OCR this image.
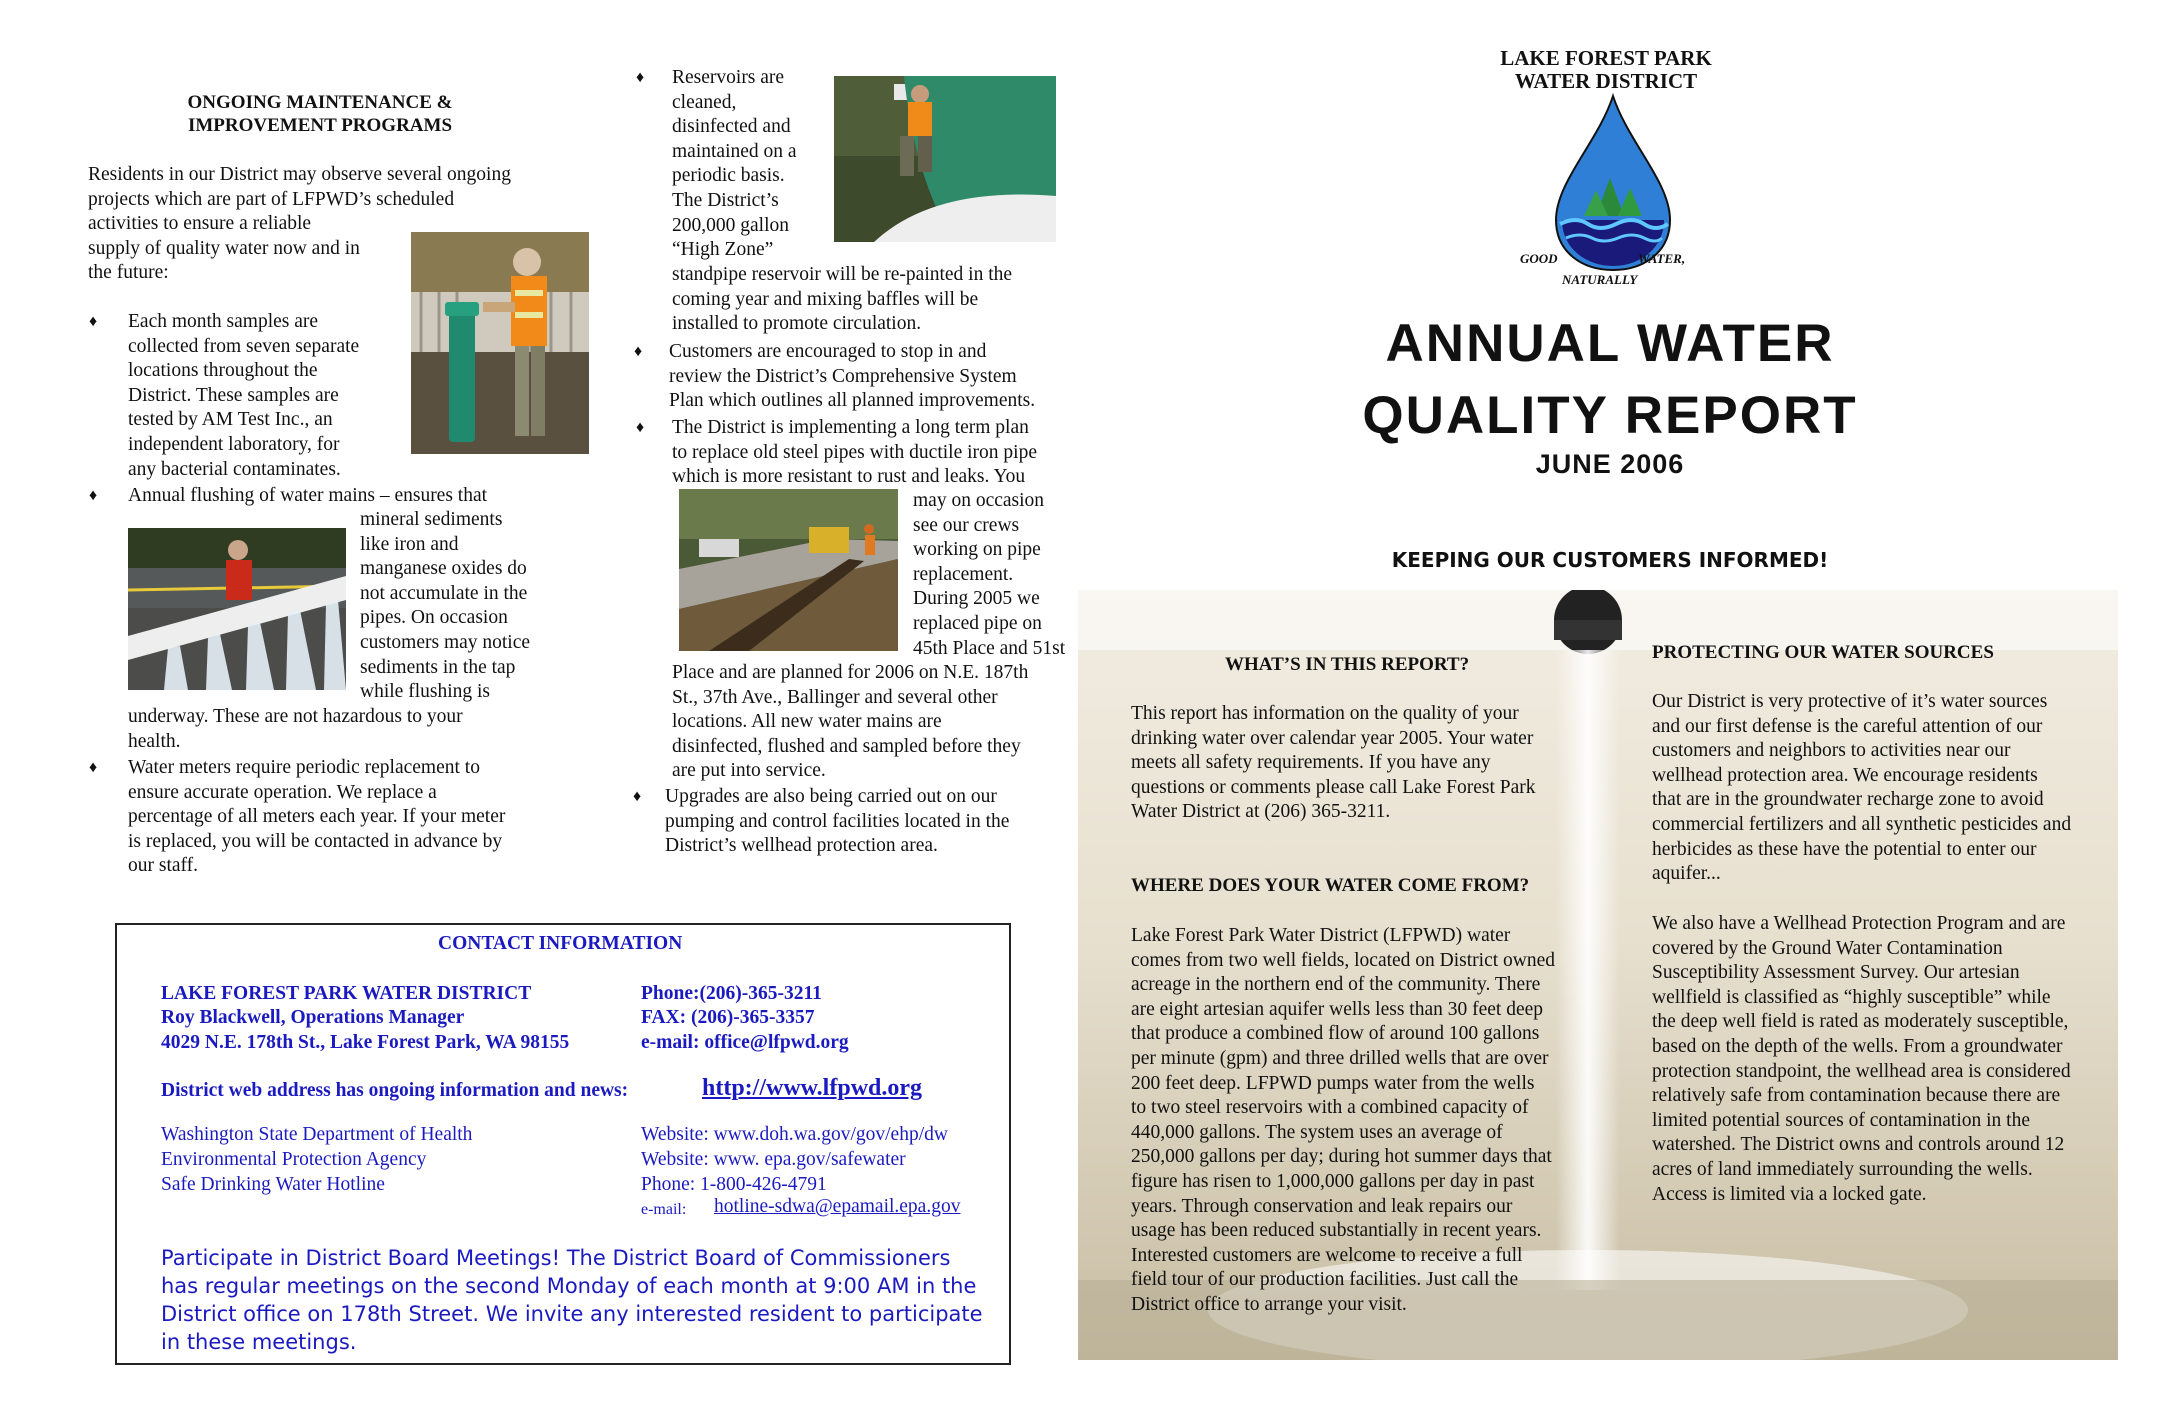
ONGOING MAINTENANCE &
IMPROVEMENT PROGRAMS
Residents in our District may observe several ongoing
projects which are part of LFPWD’s scheduled
activities to ensure a reliable
supply of quality water now and in
the future:
♦ Each month samples are
collected from seven separate
locations throughout the
District. These samples are
tested by AM Test Inc., an
independent laboratory, for
any bacterial contaminates.
♦ Annual flushing of water mains – ensures that
mineral sediments
like iron and
manganese oxides do
not accumulate in the
pipes. On occasion
customers may notice
sediments in the tap
while flushing is
underway. These are not hazardous to your
health.
♦ Water meters require periodic replacement to
ensure accurate operation. We replace a
percentage of all meters each year. If your meter
is replaced, you will be contacted in advance by
our staff.
♦ Reservoirs are
cleaned,
disinfected and
maintained on a
periodic basis.
The District’s
200,000 gallon
“High Zone”
standpipe reservoir will be re-painted in the
coming year and mixing baffles will be
installed to promote circulation.
♦ Customers are encouraged to stop in and
review the District’s Comprehensive System
Plan which outlines all planned improvements.
♦ The District is implementing a long term plan
to replace old steel pipes with ductile iron pipe
which is more resistant to rust and leaks. You
may on occasion
see our crews
working on pipe
replacement.
During 2005 we
replaced pipe on
45th Place and 51st
Place and are planned for 2006 on N.E. 187th
St., 37th Ave., Ballinger and several other
locations. All new water mains are
disinfected, flushed and sampled before they
are put into service.
♦ Upgrades are also being carried out on our
pumping and control facilities located in the
District’s wellhead protection area.
CONTACT INFORMATION
LAKE FOREST PARK WATER DISTRICT
Roy Blackwell, Operations Manager
4029 N.E. 178th St., Lake Forest Park, WA 98155
Phone:(206)-365-3211
FAX: (206)-365-3357
e-mail: office@lfpwd.org
District web address has ongoing information and news:	http://www.lfpwd.org
Washington State Department of Health
Environmental Protection Agency
Safe Drinking Water Hotline
Website: www.doh.wa.gov/gov/ehp/dw
Website: www. epa.gov/safewater
Phone: 1-800-426-4791
e-mail: hotline-sdwa@epamail.epa.gov
Participate in District Board Meetings! The District Board of Commissioners
has regular meetings on the second Monday of each month at 9:00 AM in the
District office on 178th Street. We invite any interested resident to participate
in these meetings.
LAKE FOREST PARK
WATER DISTRICT
GOOD	WATER,
NATURALLY
ANNUAL WATER
QUALITY REPORT
JUNE 2006
KEEPING OUR CUSTOMERS INFORMED!
WHAT’S IN THIS REPORT?
This report has information on the quality of your
drinking water over calendar year 2005. Your water
meets all safety requirements. If you have any
questions or comments please call Lake Forest Park
Water District at (206) 365-3211.
WHERE DOES YOUR WATER COME FROM?
Lake Forest Park Water District (LFPWD) water
comes from two well fields, located on District owned
acreage in the northern end of the community. There
are eight artesian aquifer wells less than 30 feet deep
that produce a combined flow of around 100 gallons
per minute (gpm) and three drilled wells that are over
200 feet deep. LFPWD pumps water from the wells
to two steel reservoirs with a combined capacity of
440,000 gallons. The system uses an average of
250,000 gallons per day; during hot summer days that
figure has risen to 1,000,000 gallons per day in past
years. Through conservation and leak repairs our
usage has been reduced substantially in recent years.
Interested customers are welcome to receive a full
field tour of our production facilities. Just call the
District office to arrange your visit.
PROTECTING OUR WATER SOURCES
Our District is very protective of it’s water sources
and our first defense is the careful attention of our
customers and neighbors to activities near our
wellhead protection area. We encourage residents
that are in the groundwater recharge zone to avoid
commercial fertilizers and all synthetic pesticides and
herbicides as these have the potential to enter our
aquifer...
We also have a Wellhead Protection Program and are
covered by the Ground Water Contamination
Susceptibility Assessment Survey. Our artesian
wellfield is classified as “highly susceptible” while
the deep well field is rated as moderately susceptible,
based on the depth of the wells. From a groundwater
protection standpoint, the wellhead area is considered
relatively safe from contamination because there are
limited potential sources of contamination in the
watershed. The District owns and controls around 12
acres of land immediately surrounding the wells.
Access is limited via a locked gate.
